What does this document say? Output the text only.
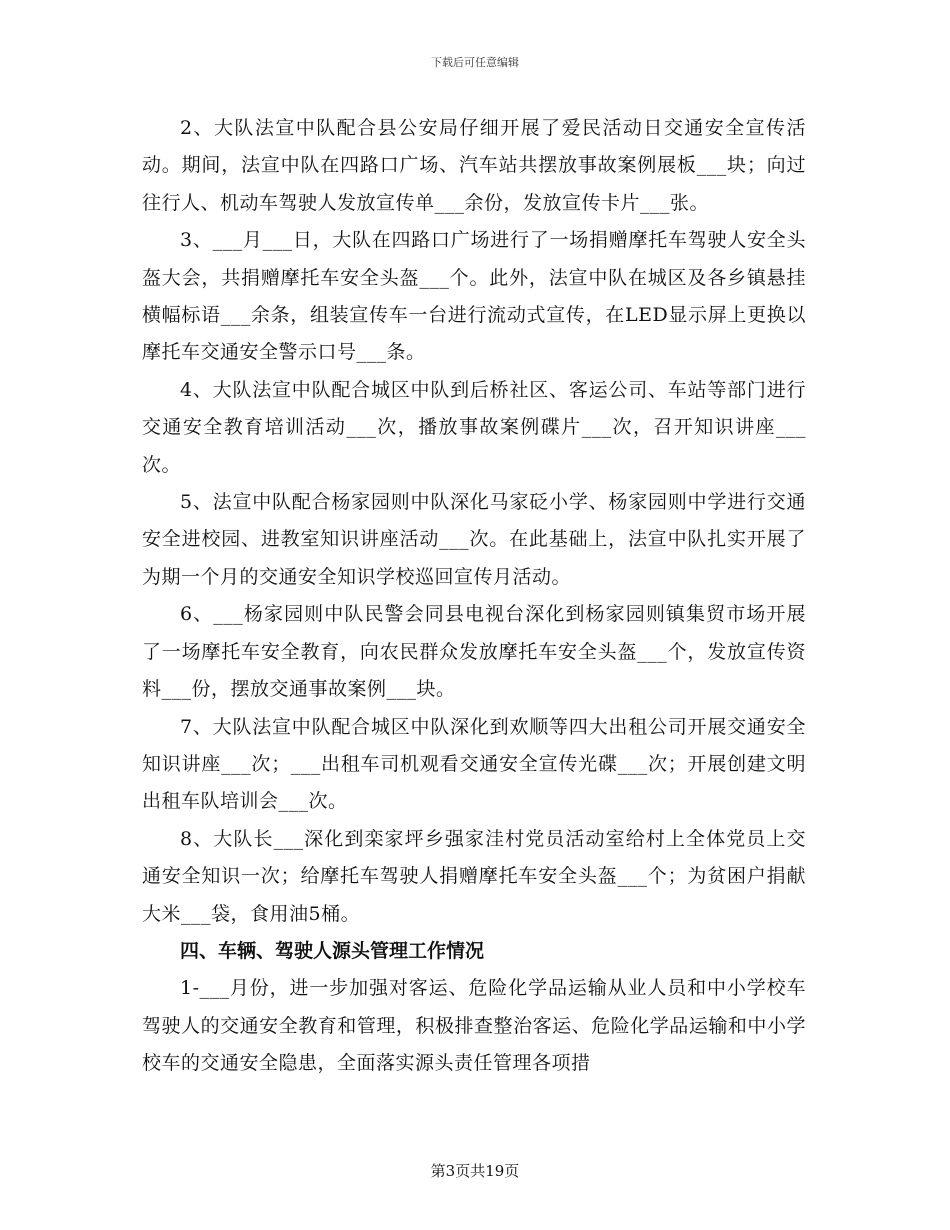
下载后可任意编辑

2、大队法宣中队配合县公安局仔细开展了爱民活动日交通安全宣传活动。期间，法宣中队在四路口广场、汽车站共摆放事故案例展板___块；向过往行人、机动车驾驶人发放宣传单___余份，发放宣传卡片___张。

3、___月___日，大队在四路口广场进行了一场捐赠摩托车驾驶人安全头盔大会，共捐赠摩托车安全头盔___个。此外，法宣中队在城区及各乡镇悬挂横幅标语___余条，组装宣传车一台进行流动式宣传，在LED显示屏上更换以摩托车交通安全警示口号___条。

4、大队法宣中队配合城区中队到后桥社区、客运公司、车站等部门进行交通安全教育培训活动___次，播放事故案例碟片___次，召开知识讲座___次。

5、法宣中队配合杨家园则中队深化马家砭小学、杨家园则中学进行交通安全进校园、进教室知识讲座活动___次。在此基础上，法宣中队扎实开展了为期一个月的交通安全知识学校巡回宣传月活动。

6、___杨家园则中队民警会同县电视台深化到杨家园则镇集贸市场开展了一场摩托车安全教育，向农民群众发放摩托车安全头盔___个，发放宣传资料___份，摆放交通事故案例___块。

7、大队法宣中队配合城区中队深化到欢顺等四大出租公司开展交通安全知识讲座___次；___出租车司机观看交通安全宣传光碟___次；开展创建文明出租车队培训会___次。

8、大队长___深化到栾家坪乡强家洼村党员活动室给村上全体党员上交通安全知识一次；给摩托车驾驶人捐赠摩托车安全头盔___个；为贫困户捐献大米___袋，食用油5桶。

四、车辆、驾驶人源头管理工作情况

1-___月份，进一步加强对客运、危险化学品运输从业人员和中小学校车驾驶人的交通安全教育和管理，积极排查整治客运、危险化学品运输和中小学校车的交通安全隐患，全面落实源头责任管理各项措

第3页共19页
